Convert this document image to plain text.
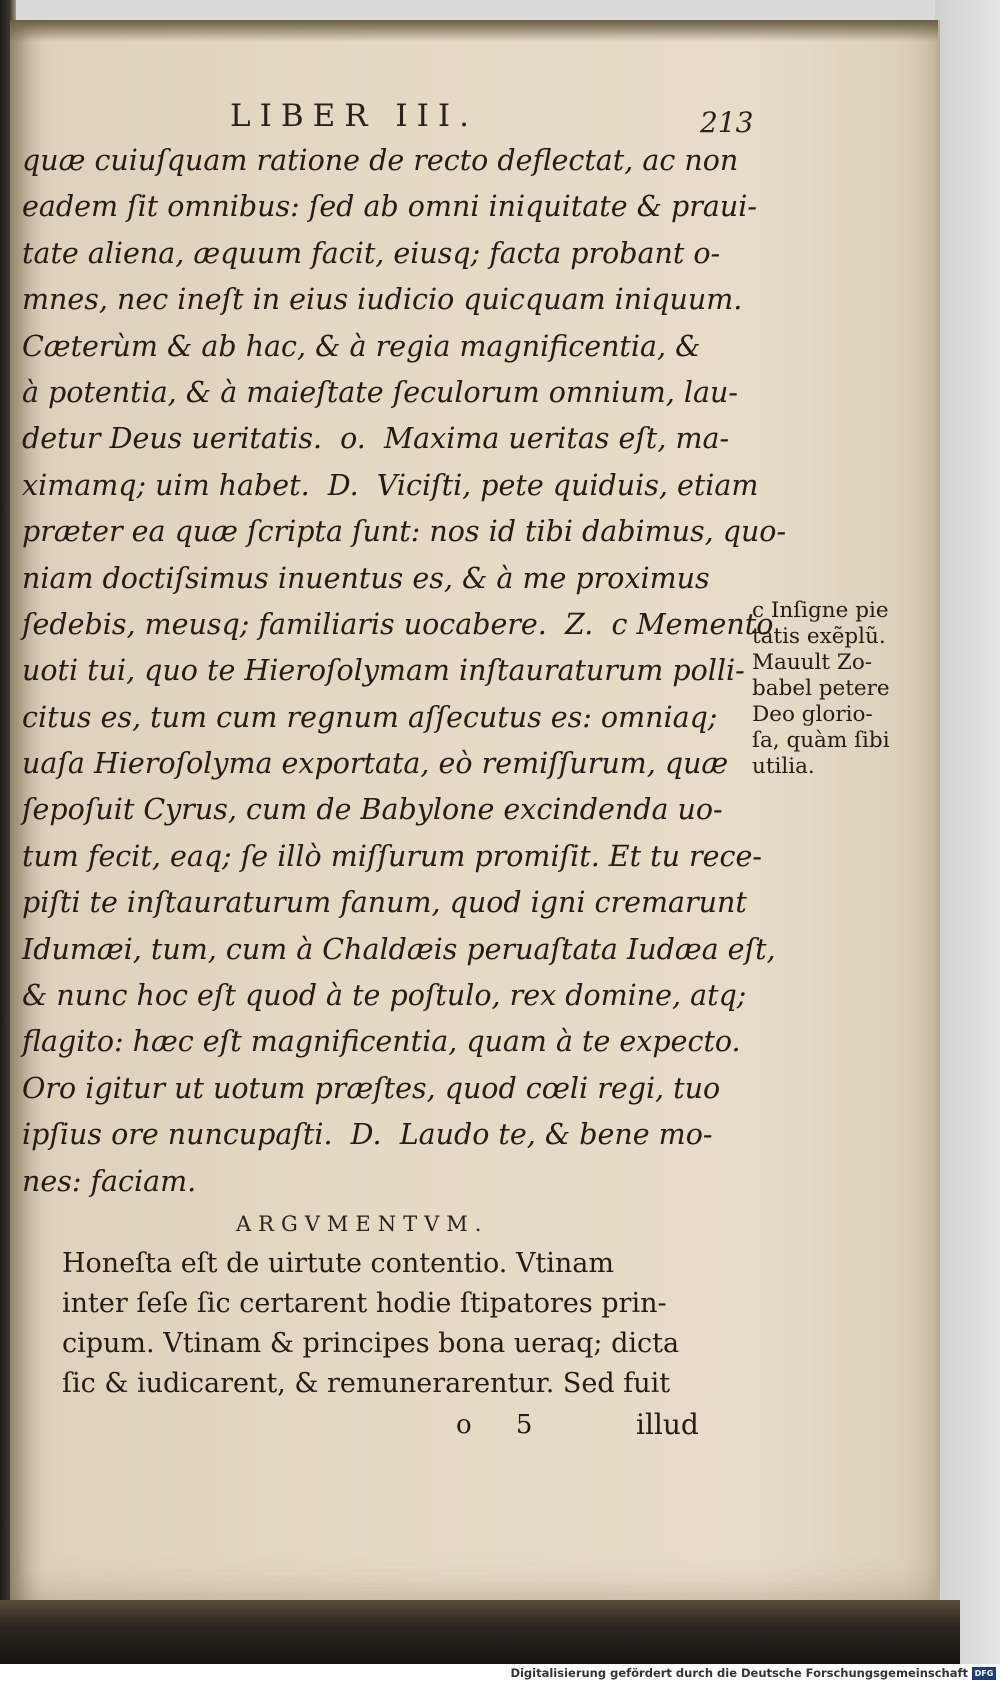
LIBER III.	213
quæ cuiuſquam ratione de recto deflectat, ac non
eadem ſit omnibus: ſed ab omni iniquitate & praui-
tate aliena, æquum facit, eiusq; facta probant o-
mnes, nec ineſt in eius iudicio quicquam iniquum.
Cæterùm & ab hac, & à regia magnificentia, &
à potentia, & à maieſtate ſeculorum omnium, lau-
detur Deus ueritatis.  o.  Maxima ueritas eſt, ma-
ximamq; uim habet.  D.  Viciſti, pete quiduis, etiam
præter ea quæ ſcripta ſunt: nos id tibi dabimus, quo-
niam doctiſsimus inuentus es, & à me proximus
ſedebis, meusq; familiaris uocabere.  Z.  c Memento
uoti tui, quo te Hieroſolymam inſtauraturum polli-
citus es, tum cum regnum aſſecutus es: omniaq;
uaſa Hieroſolyma exportata, eò remiſſurum, quæ
ſepoſuit Cyrus, cum de Babylone excindenda uo-
tum fecit, eaq; ſe illò miſſurum promiſit. Et tu rece-
piſti te inſtauraturum fanum, quod igni cremarunt
Idumæi, tum, cum à Chaldæis peruaſtata Iudæa eſt,
& nunc hoc eſt quod à te poſtulo, rex domine, atq;
flagito: hæc eſt magnificentia, quam à te expecto.
Oro igitur ut uotum præſtes, quod cœli regi, tuo
ipſius ore nuncupaſti.  D.  Laudo te, & bene mo-
nes: faciam.
c Inſigne pie
tatis exẽplũ.
Mauult Zo-
babel petere
Deo glorio-
ſa, quàm ſibi
utilia.
ARGVMENTVM.
Honeſta eſt de uirtute contentio. Vtinam
inter ſeſe ſic certarent hodie ſtipatores prin-
cipum. Vtinam & principes bona ueraq; dicta
ſic & iudicarent, & remunerarentur. Sed fuit
o 5	illud
Digitalisierung gefördert durch die Deutsche Forschungsgemeinschaft DFG
